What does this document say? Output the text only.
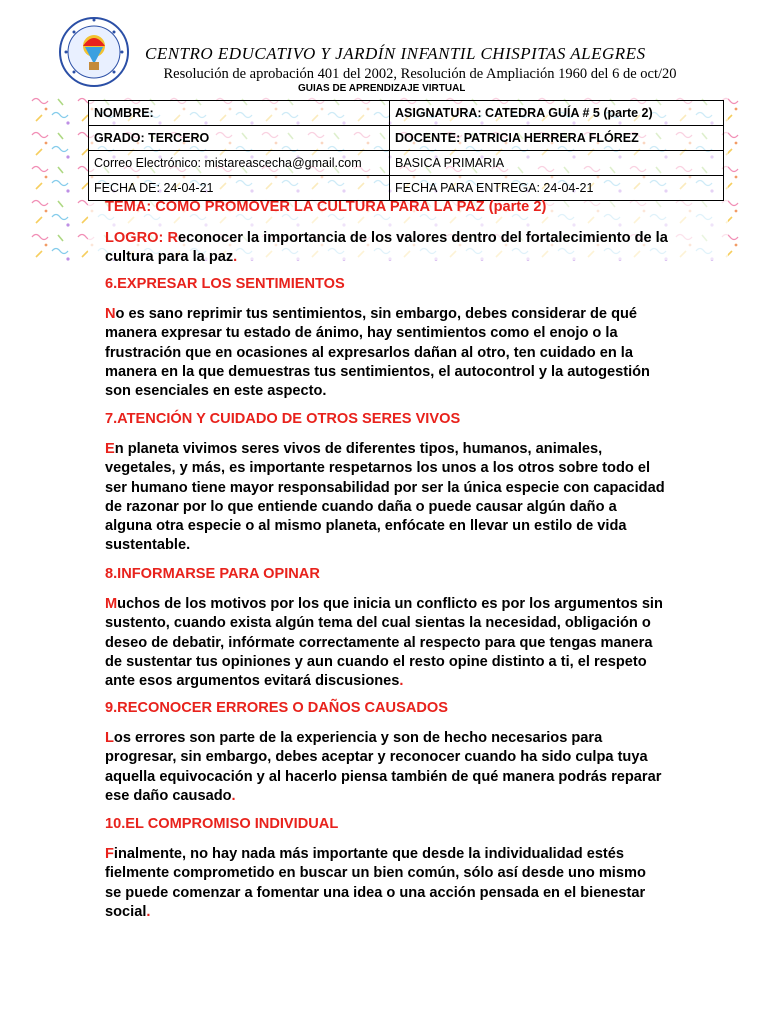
CENTRO EDUCATIVO Y JARDÍN INFANTIL CHISPITAS ALEGRES
Resolución de aprobación 401 del 2002, Resolución de Ampliación 1960 del 6 de oct/20
GUIAS DE APRENDIZAJE VIRTUAL
NOMBRE:	ASIGNATURA: CATEDRA GUÍA # 5 (parte 2)
GRADO: TERCERO	DOCENTE: PATRICIA HERRERA FLÓREZ
Correo Electrónico: mistareascecha@gmail.com	BASICA PRIMARIA
FECHA DE: 24-04-21	FECHA PARA ENTREGA: 24-04-21
TEMA: COMO PROMOVER LA CULTURA PARA LA PAZ (parte 2)
LOGRO: Reconocer la importancia de los valores dentro del fortalecimiento de la cultura para la paz.
6.EXPRESAR LOS SENTIMIENTOS
No es sano reprimir tus sentimientos, sin embargo, debes considerar de qué manera expresar tu estado de ánimo, hay sentimientos como el enojo o la frustración que en ocasiones al expresarlos dañan al otro, ten cuidado en la manera en la que demuestras tus sentimientos, el autocontrol y la autogestión son esenciales en este aspecto.
7.ATENCIÓN Y CUIDADO DE OTROS SERES VIVOS
En planeta vivimos seres vivos de diferentes tipos, humanos, animales, vegetales, y más, es importante respetarnos los unos a los otros sobre todo el ser humano tiene mayor responsabilidad por ser la única especie con capacidad de razonar por lo que entiende cuando daña o puede causar algún daño a alguna otra especie o al mismo planeta, enfócate en llevar un estilo de vida sustentable.
8.INFORMARSE PARA OPINAR
Muchos de los motivos por los que inicia un conflicto es por los argumentos sin sustento, cuando exista algún tema del cual sientas la necesidad, obligación o deseo de debatir, infórmate correctamente al respecto para que tengas manera de sustentar tus opiniones y aun cuando el resto opine distinto a ti, el respeto ante esos argumentos evitará discusiones.
9.RECONOCER ERRORES O DAÑOS CAUSADOS
Los errores son parte de la experiencia y son de hecho necesarios para progresar, sin embargo, debes aceptar y reconocer cuando ha sido culpa tuya aquella equivocación y al hacerlo piensa también de qué manera podrás reparar ese daño causado.
10.EL COMPROMISO INDIVIDUAL
Finalmente, no hay nada más importante que desde la individualidad estés fielmente comprometido en buscar un bien común, sólo así desde uno mismo se puede comenzar a fomentar una idea o una acción pensada en el bienestar social.
